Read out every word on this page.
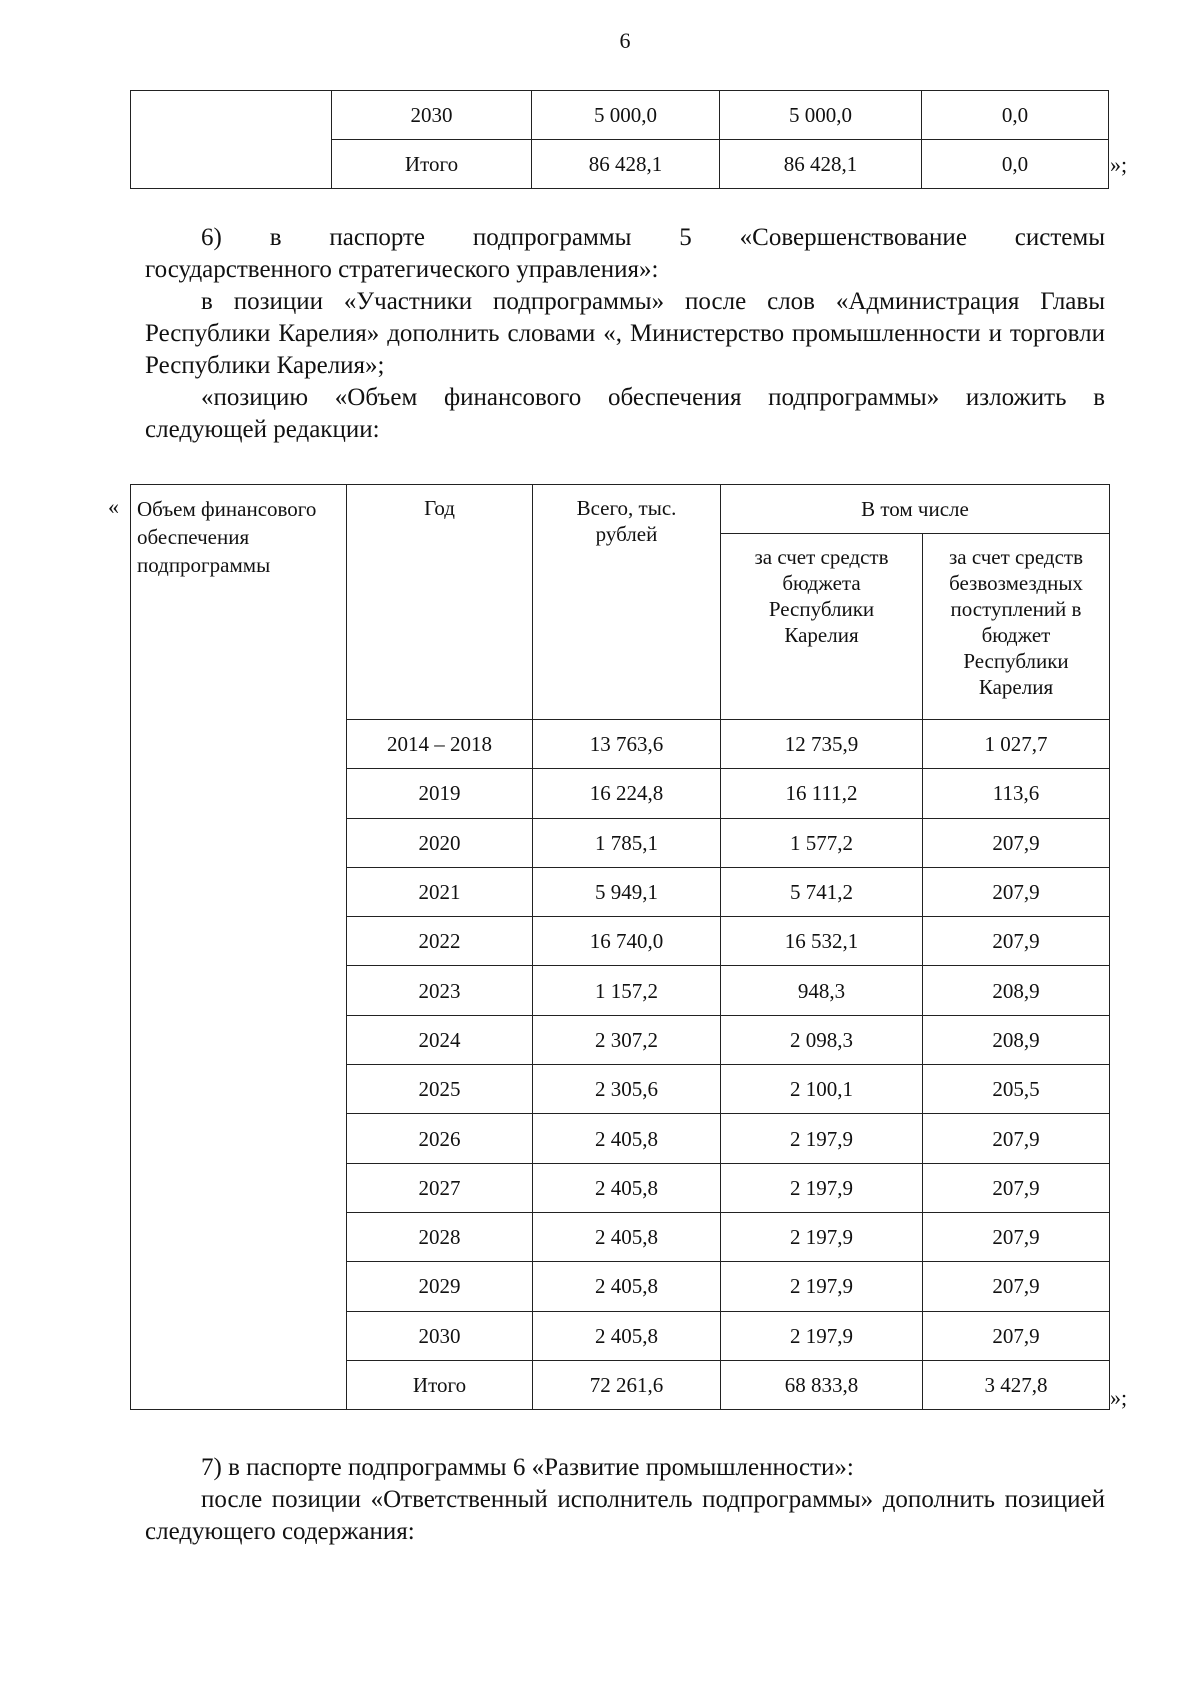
6
	2030	5 000,0	5 000,0	0,0
	Итого	86 428,1	86 428,1	0,0	»;
6) в паспорте подпрограммы 5 «Совершенствование системы
государственного стратегического управления»:
в позиции «Участники подпрограммы» после слов «Администрация Главы Республики Карелия» дополнить словами «, Министерство промышленности и торговли Республики Карелия»;
«позицию «Объем финансового обеспечения подпрограммы» изложить в следующей редакции:
« Объем финансового обеспечения подпрограммы	Год	Всего, тыс. рублей	В том числе	
			за счет средств бюджета Республики Карелия	за счет средств безвозмездных поступлений в бюджет Республики Карелия
	2014 – 2018	13 763,6	12 735,9	1 027,7
	2019	16 224,8	16 111,2	113,6
	2020	1 785,1	1 577,2	207,9
	2021	5 949,1	5 741,2	207,9
	2022	16 740,0	16 532,1	207,9
	2023	1 157,2	948,3	208,9
	2024	2 307,2	2 098,3	208,9
	2025	2 305,6	2 100,1	205,5
	2026	2 405,8	2 197,9	207,9
	2027	2 405,8	2 197,9	207,9
	2028	2 405,8	2 197,9	207,9
	2029	2 405,8	2 197,9	207,9
	2030	2 405,8	2 197,9	207,9
	Итого	72 261,6	68 833,8	3 427,8	»;
7) в паспорте подпрограммы 6 «Развитие промышленности»:
после позиции «Ответственный исполнитель подпрограммы» дополнить позицией следующего содержания:
